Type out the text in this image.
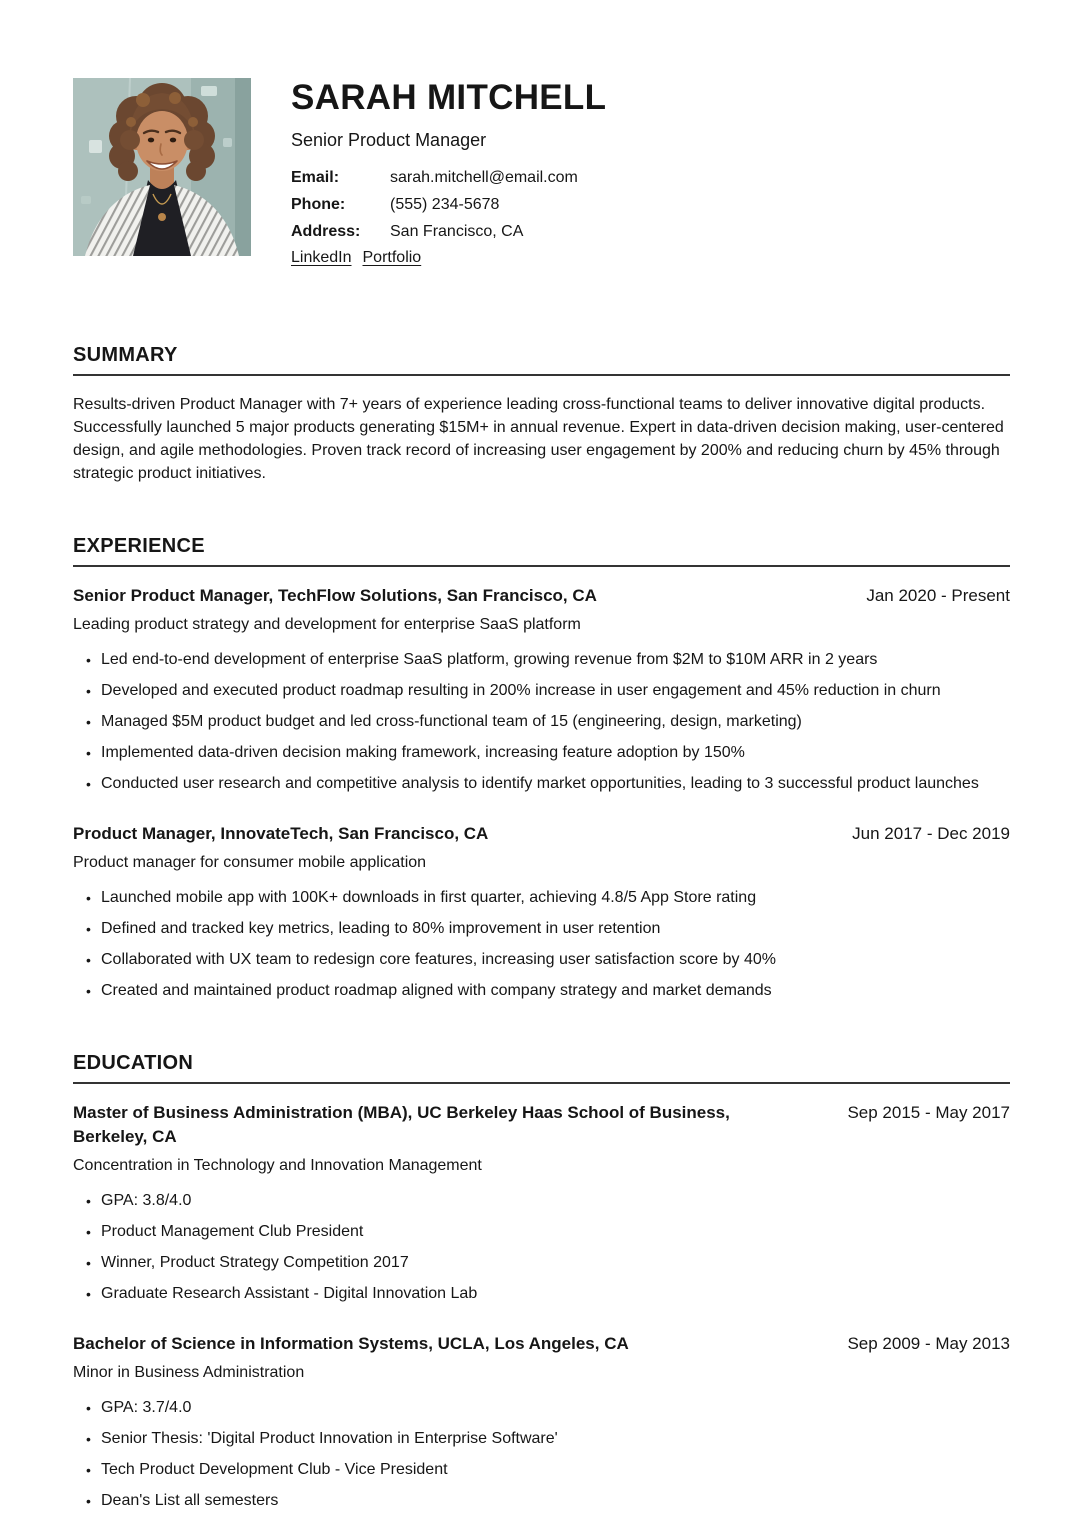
SARAH MITCHELL
Senior Product Manager
Email:	sarah.mitchell@email.com
Phone:	(555) 234-5678
Address:	San Francisco, CA
LinkedIn Portfolio
SUMMARY

Results-driven Product Manager with 7+ years of experience leading cross-functional teams to deliver innovative digital products. Successfully launched 5 major products generating $15M+ in annual revenue. Expert in data-driven decision making, user-centered design, and agile methodologies. Proven track record of increasing user engagement by 200% and reducing churn by 45% through strategic product initiatives.

EXPERIENCE
Senior Product Manager, TechFlow Solutions, San Francisco, CA	Jan 2020 - Present

Leading product strategy and development for enterprise SaaS platform

• Led end-to-end development of enterprise SaaS platform, growing revenue from $2M to $10M ARR in 2 years
• Developed and executed product roadmap resulting in 200% increase in user engagement and 45% reduction in churn
• Managed $5M product budget and led cross-functional team of 15 (engineering, design, marketing)
• Implemented data-driven decision making framework, increasing feature adoption by 150%
• Conducted user research and competitive analysis to identify market opportunities, leading to 3 successful product launches
Product Manager, InnovateTech, San Francisco, CA	Jun 2017 - Dec 2019

Product manager for consumer mobile application

• Launched mobile app with 100K+ downloads in first quarter, achieving 4.8/5 App Store rating
• Defined and tracked key metrics, leading to 80% improvement in user retention
• Collaborated with UX team to redesign core features, increasing user satisfaction score by 40%
• Created and maintained product roadmap aligned with company strategy and market demands
EDUCATION
Master of Business Administration (MBA), UC Berkeley Haas School of Business, Berkeley, CA
Sep 2015 - May 2017

Concentration in Technology and Innovation Management

• GPA: 3.8/4.0
• Product Management Club President
• Winner, Product Strategy Competition 2017
• Graduate Research Assistant - Digital Innovation Lab
Bachelor of Science in Information Systems, UCLA, Los Angeles, CA	Sep 2009 - May 2013

Minor in Business Administration

• GPA: 3.7/4.0
• Senior Thesis: 'Digital Product Innovation in Enterprise Software'
• Tech Product Development Club - Vice President
• Dean's List all semesters
